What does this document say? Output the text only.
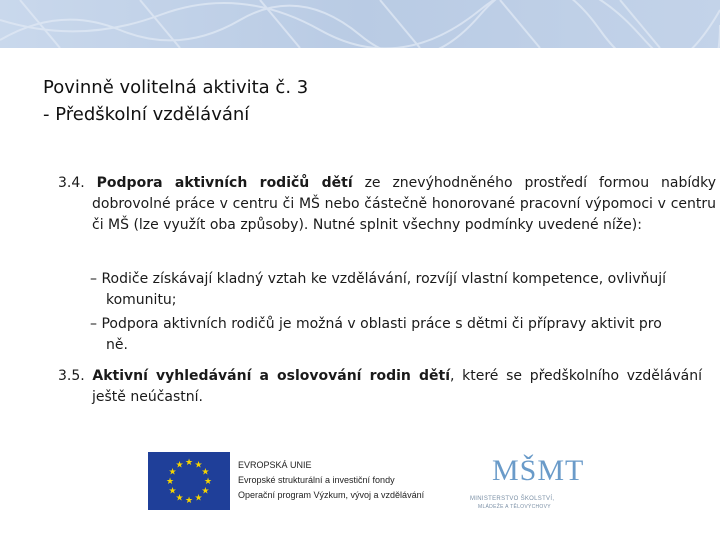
Povinně volitelná aktivita č. 3
- Předškolní vzdělávání
3.4. Podpora aktivních rodičů dětí ze znevýhodněného prostředí formou nabídky dobrovolné práce v centru či MŠ nebo částečně honorované pracovní výpomoci v centru či MŠ (lze využít oba způsoby). Nutné splnit všechny podmínky uvedené níže):
– Rodiče získávají kladný vztah ke vzdělávání, rozvíjí vlastní kompetence, ovlivňují komunitu;
– Podpora aktivních rodičů je možná v oblasti práce s dětmi či přípravy aktivit pro ně.
3.5. Aktivní vyhledávání a oslovování rodin dětí, které se předškolního vzdělávání ještě neúčastní.
★ ★
★
★
★
★
★
★
★
★
★
★	EVROPSKÁ UNIE
Evropské strukturální a investiční fondy
Operační program Výzkum, vývoj a vzdělávání
MŠMT
MINISTERSTVO ŠKOLSTVÍ,
MLÁDEŽE A TĚLOVÝCHOVY
